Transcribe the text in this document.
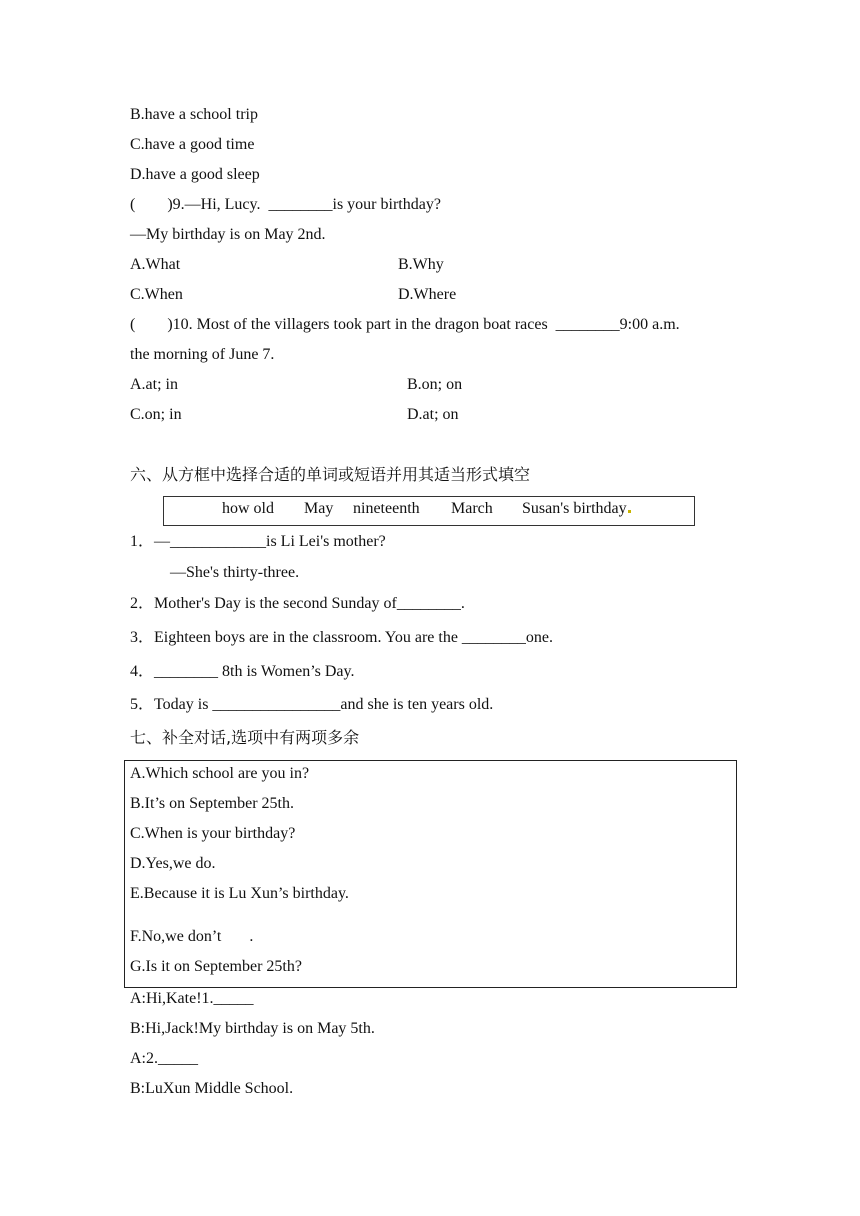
B.have a school trip
C.have a good time
D.have a good sleep
(        )9.—Hi, Lucy.  ________is your birthday?
—My birthday is on May 2nd.
A.What	B.Why
C.When	D.Where
(        )10. Most of the villagers took part in the dragon boat races  ________9:00 a.m.
the morning of June 7.
A.at; in	B.on; on
C.on; in	D.at; on
六、从方框中选择合适的单词或短语并用其适当形式填空
how old May nineteenth March Susan's birthday
1．—____________is Li Lei's mother?
—She's thirty-three.
2．Mother's Day is the second Sunday of________.
3．Eighteen boys are in the classroom. You are the ________one.
4．________ 8th is Women’s Day.
5．Today is ________________and she is ten years old.
七、补全对话,选项中有两项多余
A.Which school are you in?
B.It’s on September 25th.
C.When is your birthday?
D.Yes,we do.
E.Because it is Lu Xun’s birthday.
F.No,we don’t       .
G.Is it on September 25th?
A:Hi,Kate!1._____
B:Hi,Jack!My birthday is on May 5th.
A:2._____
B:LuXun Middle School.
